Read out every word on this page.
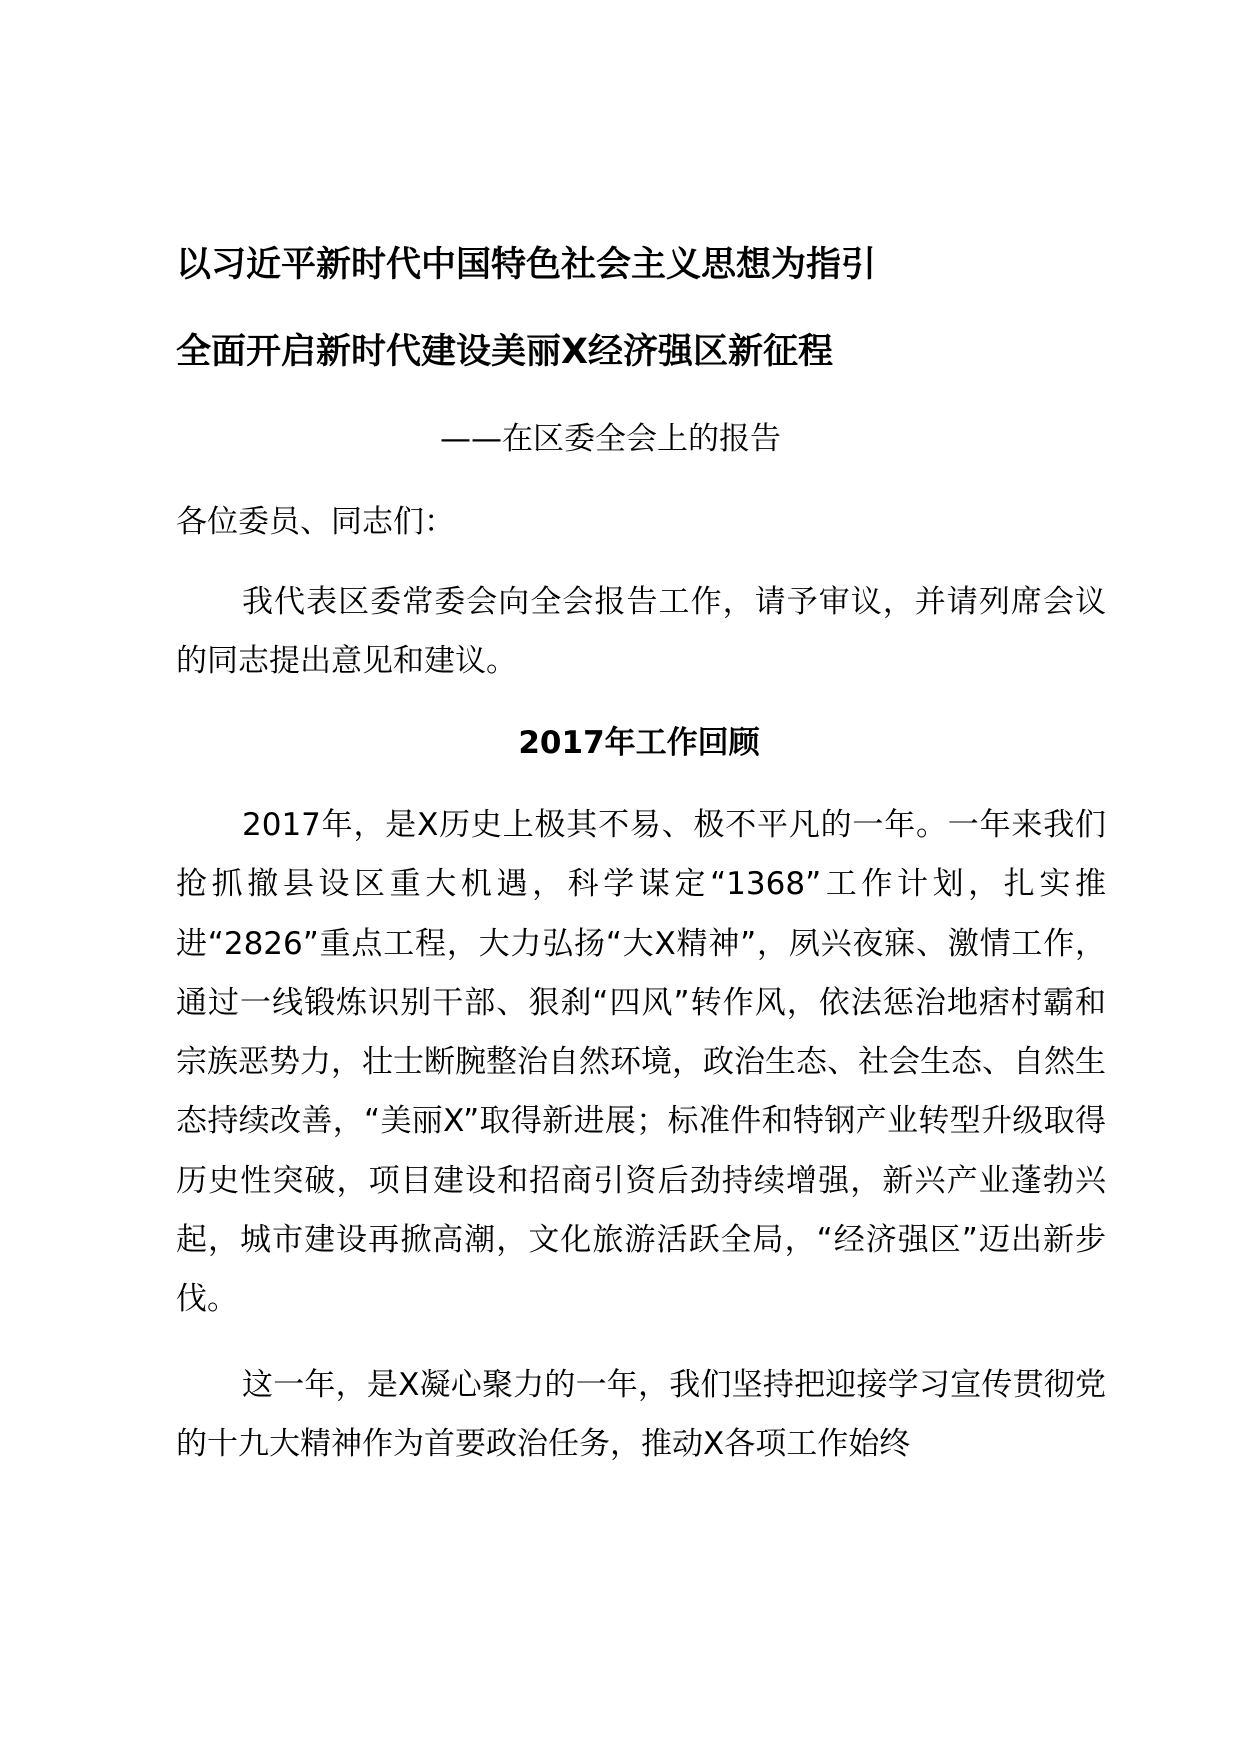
以习近平新时代中国特色社会主义思想为指引
全面开启新时代建设美丽X经济强区新征程
——在区委全会上的报告
各位委员、同志们：
我代表区委常委会向全会报告工作，请予审议，并请列席会议的同志提出意见和建议。
2017年工作回顾
2017年，是X历史上极其不易、极不平凡的一年。一年来我们抢抓撤县设区重大机遇，科学谋定“1368”工作计划，扎实推进“2826”重点工程，大力弘扬“大X精神”，夙兴夜寐、激情工作，通过一线锻炼识别干部、狠刹“四风”转作风，依法惩治地痞村霸和宗族恶势力，壮士断腕整治自然环境，政治生态、社会生态、自然生态持续改善，“美丽X”取得新进展；标准件和特钢产业转型升级取得历史性突破，项目建设和招商引资后劲持续增强，新兴产业蓬勃兴起，城市建设再掀高潮，文化旅游活跃全局，“经济强区”迈出新步伐。
这一年，是X凝心聚力的一年，我们坚持把迎接学习宣传贯彻党的十九大精神作为首要政治任务，推动X各项工作始终
